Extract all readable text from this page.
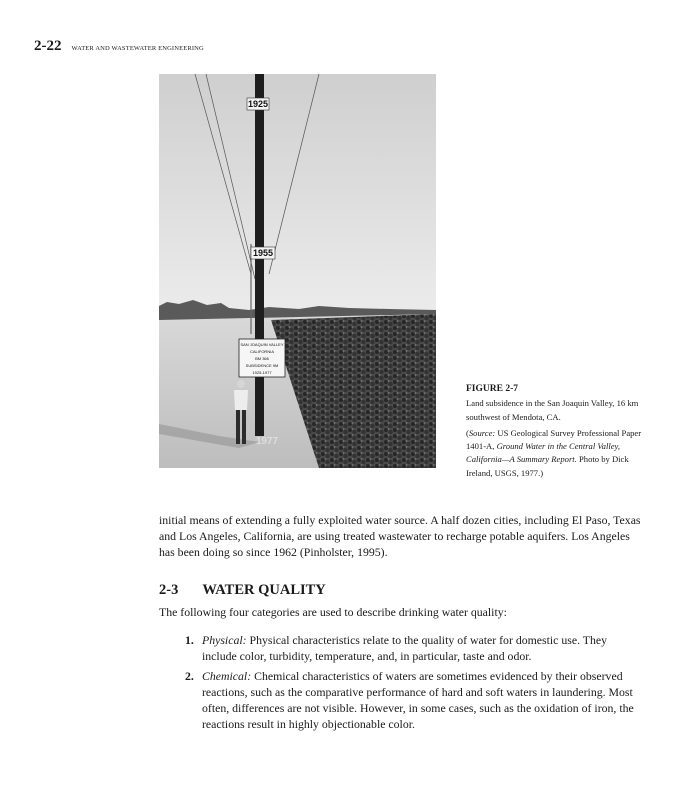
2-22 WATER AND WASTEWATER ENGINEERING
1925
1955
1977
SAN JOAQUIN VALLEY
CALIFORNIA
BM 366
SUBSIDENCE 9M
1925-1977
FIGURE 2-7
Land subsidence in the San Joaquin Valley, 16 km southwest of Mendota, CA.
(Source: US Geological Survey Professional Paper 1401-A, Ground Water in the Central Valley, California—A Summary Report. Photo by Dick Ireland, USGS, 1977.)

initial means of extending a fully exploited water source. A half dozen cities, including El Paso, Texas and Los Angeles, California, are using treated wastewater to recharge potable aquifers. Los Angeles has been doing so since 1962 (Pinholster, 1995).

2-3 WATER QUALITY

The following four categories are used to describe drinking water quality:

1. Physical: Physical characteristics relate to the quality of water for domestic use. They include color, turbidity, temperature, and, in particular, taste and odor.
2. Chemical: Chemical characteristics of waters are sometimes evidenced by their observed reactions, such as the comparative performance of hard and soft waters in laundering. Most often, differences are not visible. However, in some cases, such as the oxidation of iron, the reactions result in highly objectionable color.
